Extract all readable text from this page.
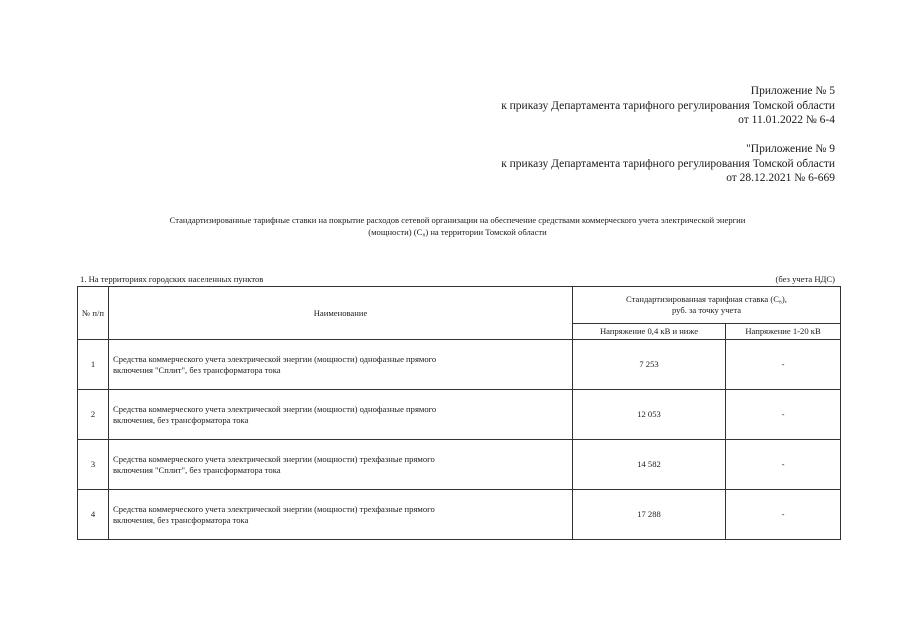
Приложение № 5
к приказу Департамента тарифного регулирования Томской области
от 11.01.2022 № 6-4
"Приложение № 9
к приказу Департамента тарифного регулирования Томской области
от 28.12.2021 № 6-669
Стандартизированные тарифные ставки на покрытие расходов сетевой организации на обеспечение средствами коммерческого учета электрической энергии
(мощности) (C₈) на территории Томской области
1. На территориях городских населенных пунктов	(без учета НДС)
№ п/п	Наименование	Стандартизированная тарифная ставка (C₈),
руб. за точку учета	

		Напряжение 0,4 кВ и ниже	Напряжение 1-20 кВ
1	Средства коммерческого учета электрической энергии (мощности) однофазные прямого
включения "Сплит", без трансформатора тока	7 253	-
2	Средства коммерческого учета электрической энергии (мощности) однофазные прямого
включения, без трансформатора тока	12 053	-
3	Средства коммерческого учета электрической энергии (мощности) трехфазные прямого
включения "Сплит", без трансформатора тока	14 582	-
4	Средства коммерческого учета электрической энергии (мощности) трехфазные прямого
включения, без трансформатора тока	17 288	-
